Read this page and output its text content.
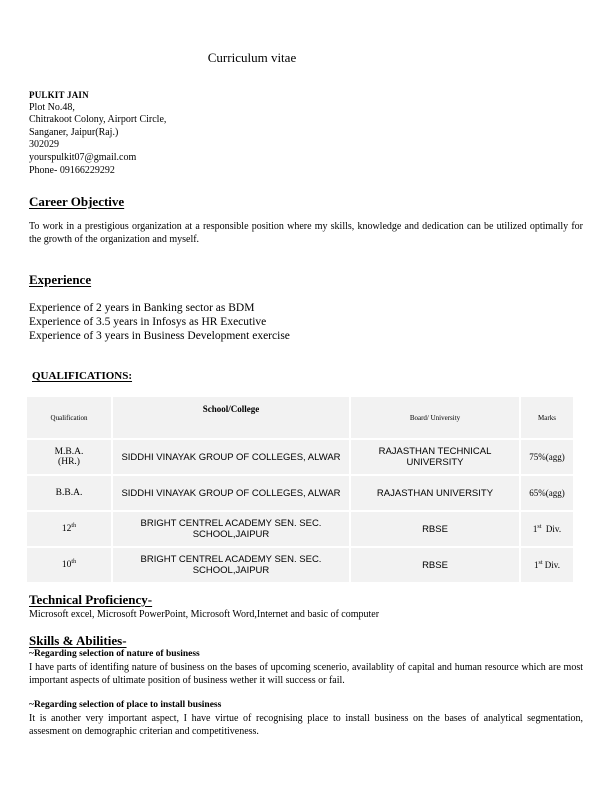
Curriculum vitae
PULKIT JAIN
Plot No.48,
Chitrakoot Colony, Airport Circle,
Sanganer, Jaipur(Raj.)
302029
yourspulkit07@gmail.com
Phone- 09166229292
Career Objective

To work in a prestigious organization at a responsible position where my skills, knowledge and dedication can be utilized optimally for the growth of the organization and myself.

Experience
Experience of 2 years in Banking sector as BDM
Experience of 3.5 years in Infosys as HR Executive
Experience of 3 years in Business Development exercise
QUALIFICATIONS:
Qualification	School/College	Board/ University	Marks
M.B.A.
(HR.)	SIDDHI VINAYAK GROUP OF COLLEGES, ALWAR	RAJASTHAN TECHNICAL UNIVERSITY	75%(agg)
B.B.A.	SIDDHI VINAYAK GROUP OF COLLEGES, ALWAR	RAJASTHAN UNIVERSITY	65%(agg)
12th	BRIGHT CENTREL ACADEMY SEN. SEC. SCHOOL,JAIPUR	RBSE	1st  Div.
10th	BRIGHT CENTREL ACADEMY SEN. SEC. SCHOOL,JAIPUR	RBSE	1st Div.
Technical Proficiency-

Microsoft excel, Microsoft PowerPoint, Microsoft Word,Internet and basic of computer

Skills & Abilities-
~Regarding selection of nature of business

I have parts of identifing nature of business on the bases of upcoming scenerio, availablity of capital and human resource which are most important aspects of ultimate position of business wether it will success or fail.

~Regarding selection of place to install business

It is another very important aspect, I have virtue of recognising place to install business on the bases of analytical segmentation, assesment on demographic criterian and competitiveness.
